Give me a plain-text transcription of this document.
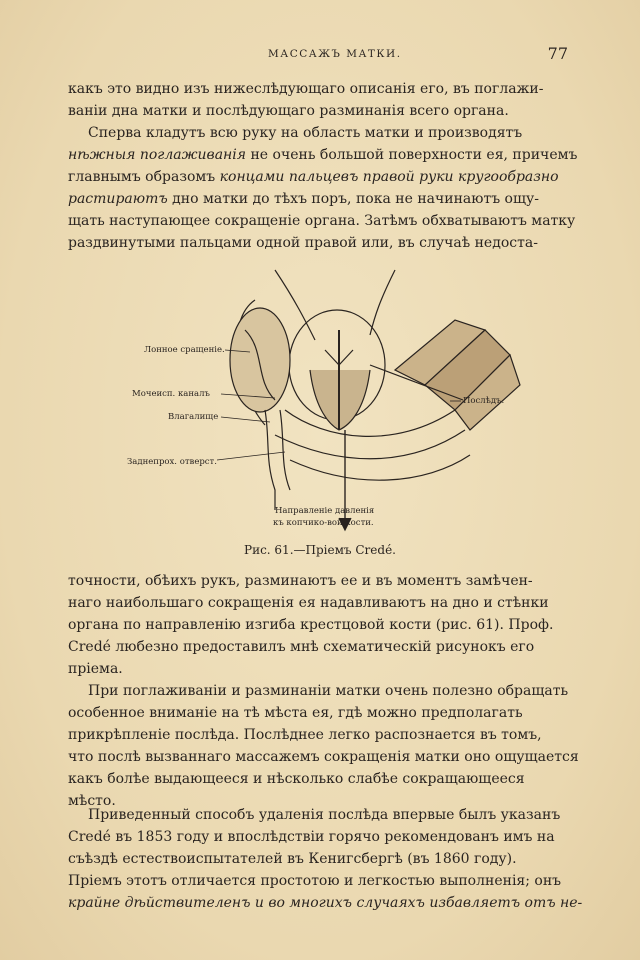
МАССАЖЪ МАТКИ.	77
какъ это видно изъ нижеслѣдующаго описанія его, въ поглажи-
ваніи дна матки и послѣдующаго разминанія всего органа.
Сперва кладутъ всю руку на область матки и производятъ
нѣжныя поглаживанія не очень большой поверхности ея, причемъ
главнымъ образомъ концами пальцевъ правой руки кругообразно
растираютъ дно матки до тѣхъ поръ, пока не начинаютъ ощу-
щать наступающее сокращеніе органа. Затѣмъ обхватываютъ матку
раздвинутыми пальцами одной правой или, въ случаѣ недоста-
Лонное сращеніе.
Мочеисп. каналъ
Влагалище
Заднепрох. отверст.
Послѣдъ.
Направленіе давленія
къ копчико-вой кости.
Рис. 61.—Пріемъ Credé.
точности, обѣихъ рукъ, разминаютъ ее и въ моментъ замѣчен-
наго наибольшаго сокращенія ея надавливаютъ на дно и стѣнки
органа по направленію изгиба крестцовой кости (рис. 61). Проф.
Credé любезно предоставилъ мнѣ схематическій рисунокъ его
пріема.
При поглаживаніи и разминаніи матки очень полезно обращать
особенное вниманіе на тѣ мѣста ея, гдѣ можно предполагать
прикрѣпленіе послѣда. Послѣднее легко распознается въ томъ,
что послѣ вызваннаго массажемъ сокращенія матки оно ощущается
какъ болѣе выдающееся и нѣсколько слабѣе сокращающееся
мѣсто.
Приведенный способъ удаленія послѣда впервые былъ указанъ
Credé въ 1853 году и впослѣдствіи горячо рекомендованъ имъ на
съѣздѣ естествоиспытателей въ Кенигсбергѣ (въ 1860 году).
Пріемъ этотъ отличается простотою и легкостью выполненія; онъ
крайне дѣйствителенъ и во многихъ случаяхъ избавляетъ отъ не-
